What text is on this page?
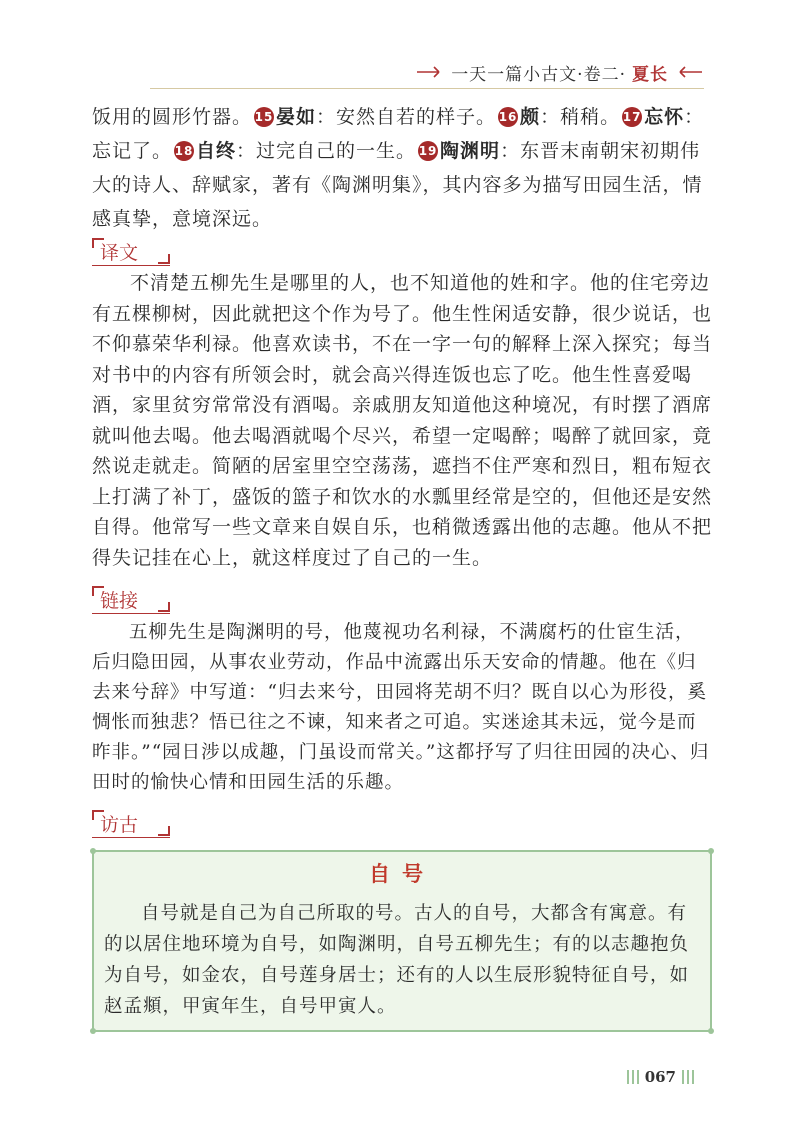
一天一篇小古文·卷二· 夏长

饭用的圆形竹器。 15 晏如：安然自若的样子。 16 颇：稍稍。 17 忘怀：忘记了。 18 自终：过完自己的一生。 19 陶渊明：东晋末南朝宋初期伟大的诗人、辞赋家，著有《陶渊明集》，其内容多为描写田园生活，情感真挚，意境深远。

译文

不清楚五柳先生是哪里的人，也不知道他的姓和字。他的住宅旁边有五棵柳树，因此就把这个作为号了。他生性闲适安静，很少说话，也不仰慕荣华利禄。他喜欢读书，不在一字一句的解释上深入探究；每当对书中的内容有所领会时，就会高兴得连饭也忘了吃。他生性喜爱喝酒，家里贫穷常常没有酒喝。亲戚朋友知道他这种境况，有时摆了酒席就叫他去喝。他去喝酒就喝个尽兴，希望一定喝醉；喝醉了就回家，竟然说走就走。简陋的居室里空空荡荡，遮挡不住严寒和烈日，粗布短衣上打满了补丁，盛饭的篮子和饮水的水瓢里经常是空的，但他还是安然自得。他常写一些文章来自娱自乐，也稍微透露出他的志趣。他从不把得失记挂在心上，就这样度过了自己的一生。

链接

五柳先生是陶渊明的号，他蔑视功名利禄，不满腐朽的仕宦生活，后归隐田园，从事农业劳动，作品中流露出乐天安命的情趣。他在《归去来兮辞》中写道：“归去来兮，田园将芜胡不归？既自以心为形役，奚惆怅而独悲？悟已往之不谏，知来者之可追。实迷途其未远，觉今是而昨非。”“园日涉以成趣，门虽设而常关。”这都抒写了归往田园的决心、归田时的愉快心情和田园生活的乐趣。

访古
自号

自号就是自己为自己所取的号。古人的自号，大都含有寓意。有的以居住地环境为自号，如陶渊明，自号五柳先生；有的以志趣抱负为自号，如金农，自号莲身居士；还有的人以生辰形貌特征自号，如赵孟頫，甲寅年生，自号甲寅人。

067
